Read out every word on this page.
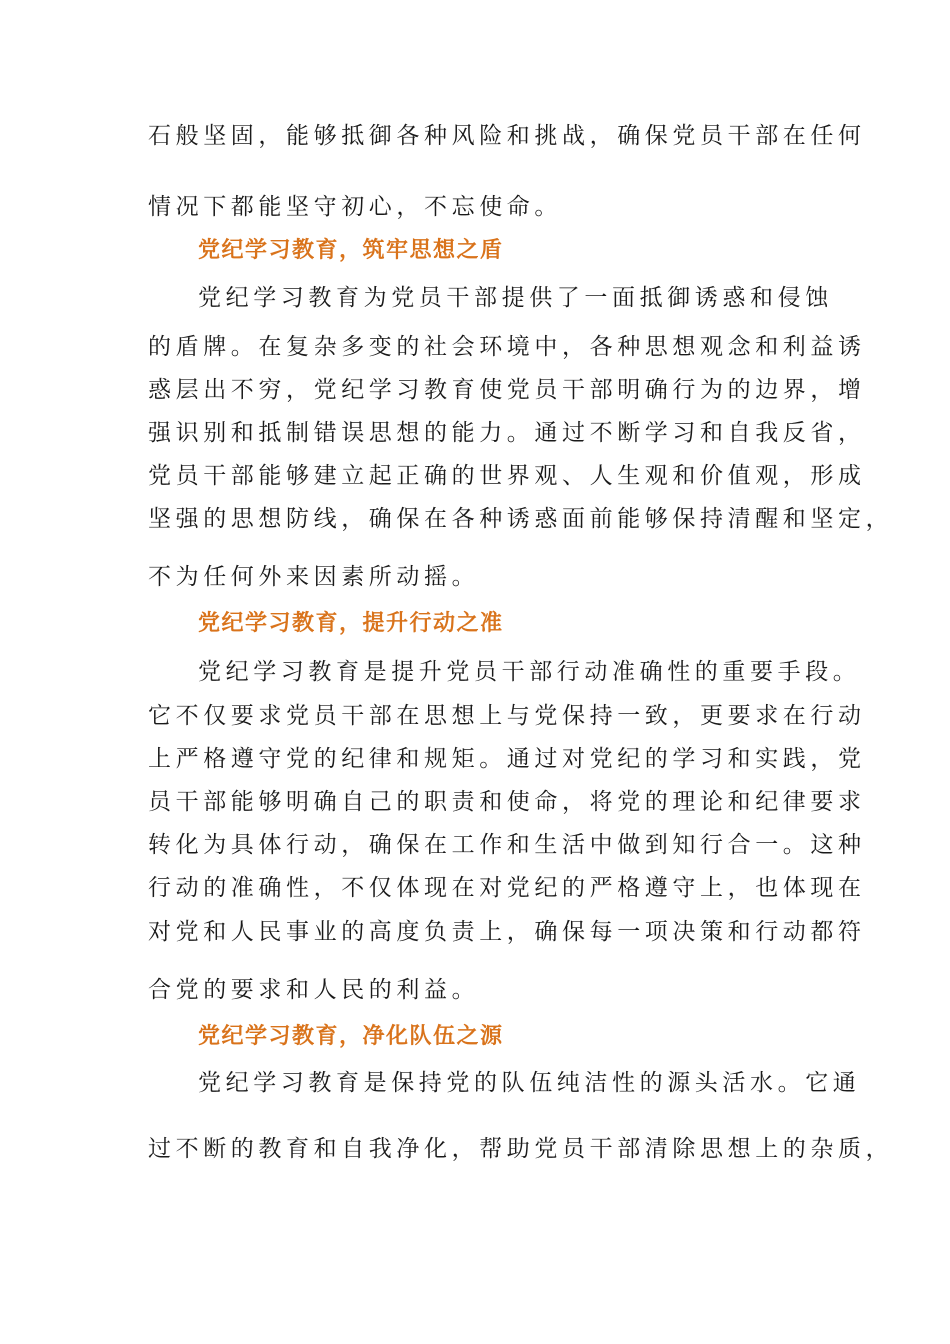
石般坚固，能够抵御各种风险和挑战，确保党员干部在任何
情况下都能坚守初心，不忘使命。
党纪学习教育，筑牢思想之盾
党纪学习教育为党员干部提供了一面抵御诱惑和侵蚀
的盾牌。在复杂多变的社会环境中，各种思想观念和利益诱
惑层出不穷，党纪学习教育使党员干部明确行为的边界，增
强识别和抵制错误思想的能力。通过不断学习和自我反省，
党员干部能够建立起正确的世界观、人生观和价值观，形成
坚强的思想防线，确保在各种诱惑面前能够保持清醒和坚定，
不为任何外来因素所动摇。
党纪学习教育，提升行动之准
党纪学习教育是提升党员干部行动准确性的重要手段。
它不仅要求党员干部在思想上与党保持一致，更要求在行动
上严格遵守党的纪律和规矩。通过对党纪的学习和实践，党
员干部能够明确自己的职责和使命，将党的理论和纪律要求
转化为具体行动，确保在工作和生活中做到知行合一。这种
行动的准确性，不仅体现在对党纪的严格遵守上，也体现在
对党和人民事业的高度负责上，确保每一项决策和行动都符
合党的要求和人民的利益。
党纪学习教育，净化队伍之源
党纪学习教育是保持党的队伍纯洁性的源头活水。它通
过不断的教育和自我净化，帮助党员干部清除思想上的杂质，
